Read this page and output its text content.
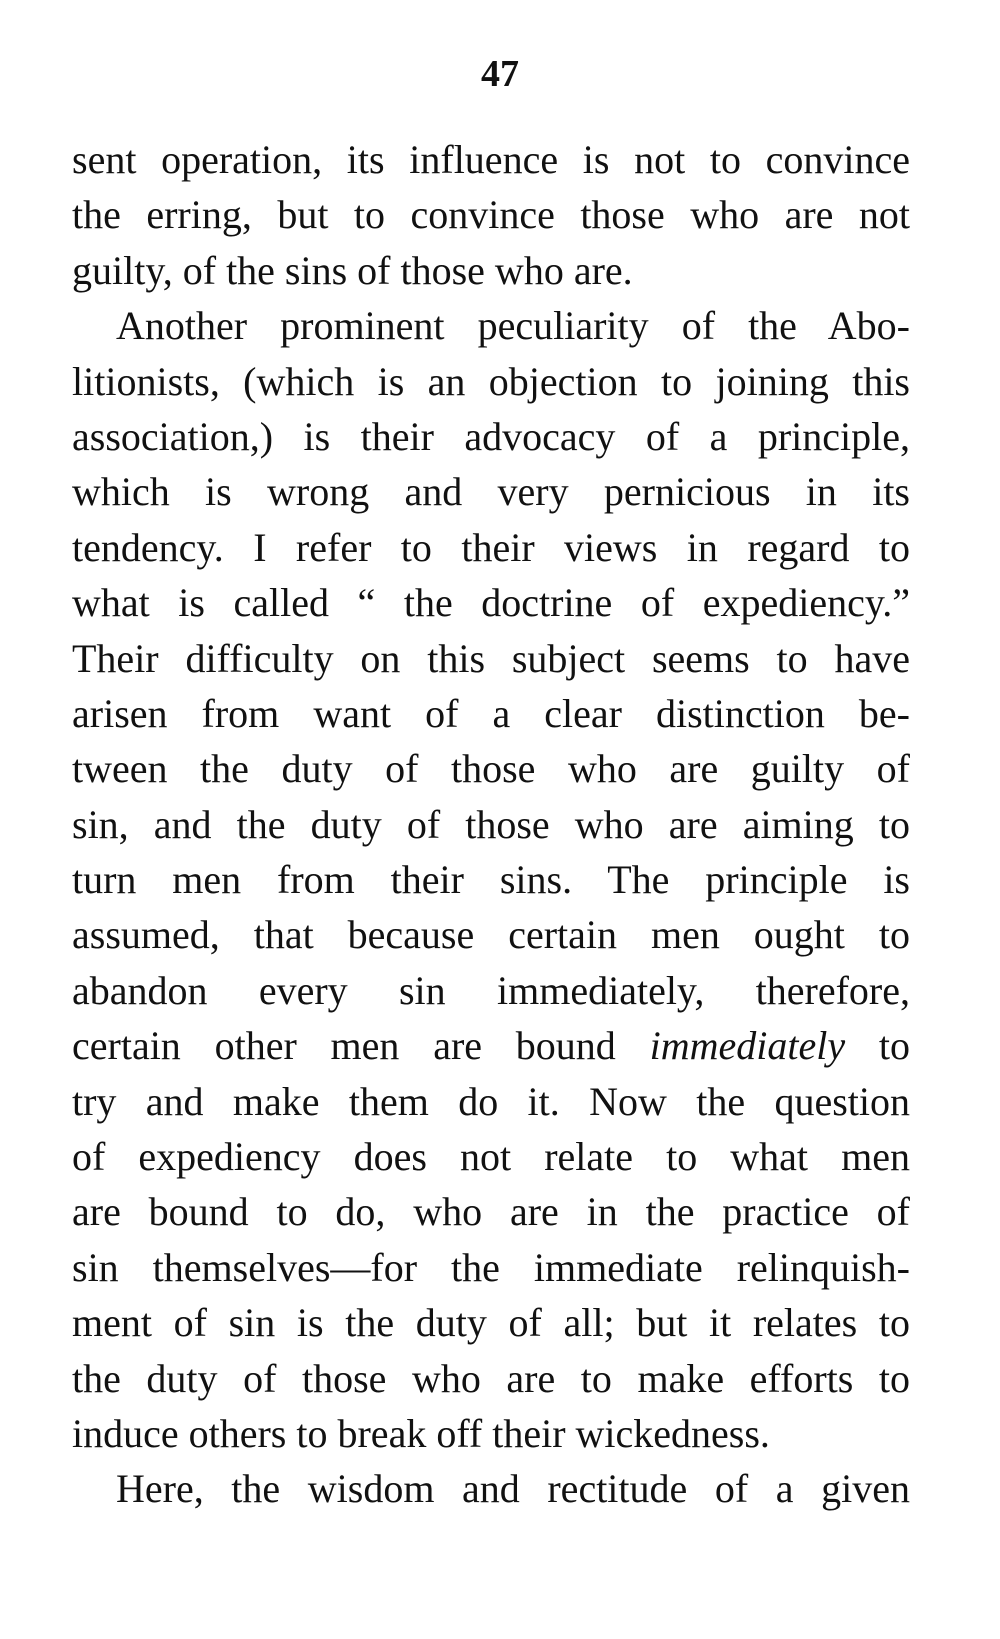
47
sent operation, its influence is not to convince
the erring, but to convince those who are not
guilty, of the sins of those who are.
Another prominent peculiarity of the Abo-
litionists, (which is an objection to joining this
association,) is their advocacy of a principle,
which is wrong and very pernicious in its
tendency. I refer to their views in regard to
what is called “ the doctrine of expediency.”
Their difficulty on this subject seems to have
arisen from want of a clear distinction be-
tween the duty of those who are guilty of
sin, and the duty of those who are aiming to
turn men from their sins. The principle is
assumed, that because certain men ought to
abandon every sin immediately, therefore,
certain other men are bound immediately to
try and make them do it. Now the question
of expediency does not relate to what men
are bound to do, who are in the practice of
sin themselves—for the immediate relinquish-
ment of sin is the duty of all; but it relates to
the duty of those who are to make efforts to
induce others to break off their wickedness.
Here, the wisdom and rectitude of a given
